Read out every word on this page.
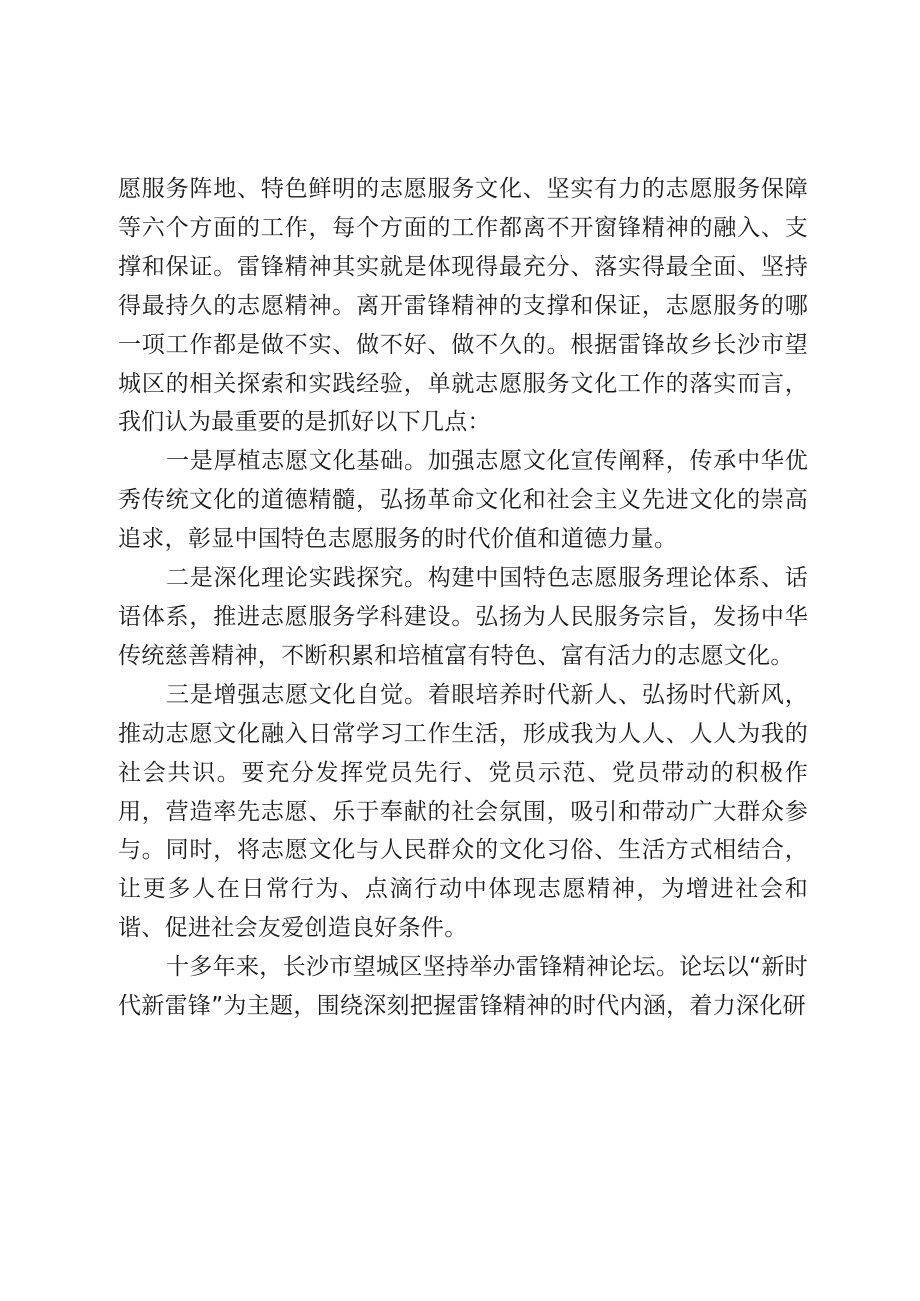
愿服务阵地、特色鲜明的志愿服务文化、坚实有力的志愿服务保障等六个方面的工作，每个方面的工作都离不开窗锋精神的融入、支撑和保证。雷锋精神其实就是体现得最充分、落实得最全面、坚持得最持久的志愿精神。离开雷锋精神的支撑和保证，志愿服务的哪一项工作都是做不实、做不好、做不久的。根据雷锋故乡长沙市望城区的相关探索和实践经验，单就志愿服务文化工作的落实而言，我们认为最重要的是抓好以下几点：

一是厚植志愿文化基础。加强志愿文化宣传阐释，传承中华优秀传统文化的道德精髓，弘扬革命文化和社会主义先进文化的崇高追求，彰显中国特色志愿服务的时代价值和道德力量。

二是深化理论实践探究。构建中国特色志愿服务理论体系、话语体系，推进志愿服务学科建设。弘扬为人民服务宗旨，发扬中华传统慈善精神，不断积累和培植富有特色、富有活力的志愿文化。

三是增强志愿文化自觉。着眼培养时代新人、弘扬时代新风，推动志愿文化融入日常学习工作生活，形成我为人人、人人为我的社会共识。要充分发挥党员先行、党员示范、党员带动的积极作用，营造率先志愿、乐于奉献的社会氛围，吸引和带动广大群众参与。同时，将志愿文化与人民群众的文化习俗、生活方式相结合，让更多人在日常行为、点滴行动中体现志愿精神，为增进社会和谐、促进社会友爱创造良好条件。

十多年来，长沙市望城区坚持举办雷锋精神论坛。论坛以“新时代新雷锋”为主题，围绕深刻把握雷锋精神的时代内涵，着力深化研
